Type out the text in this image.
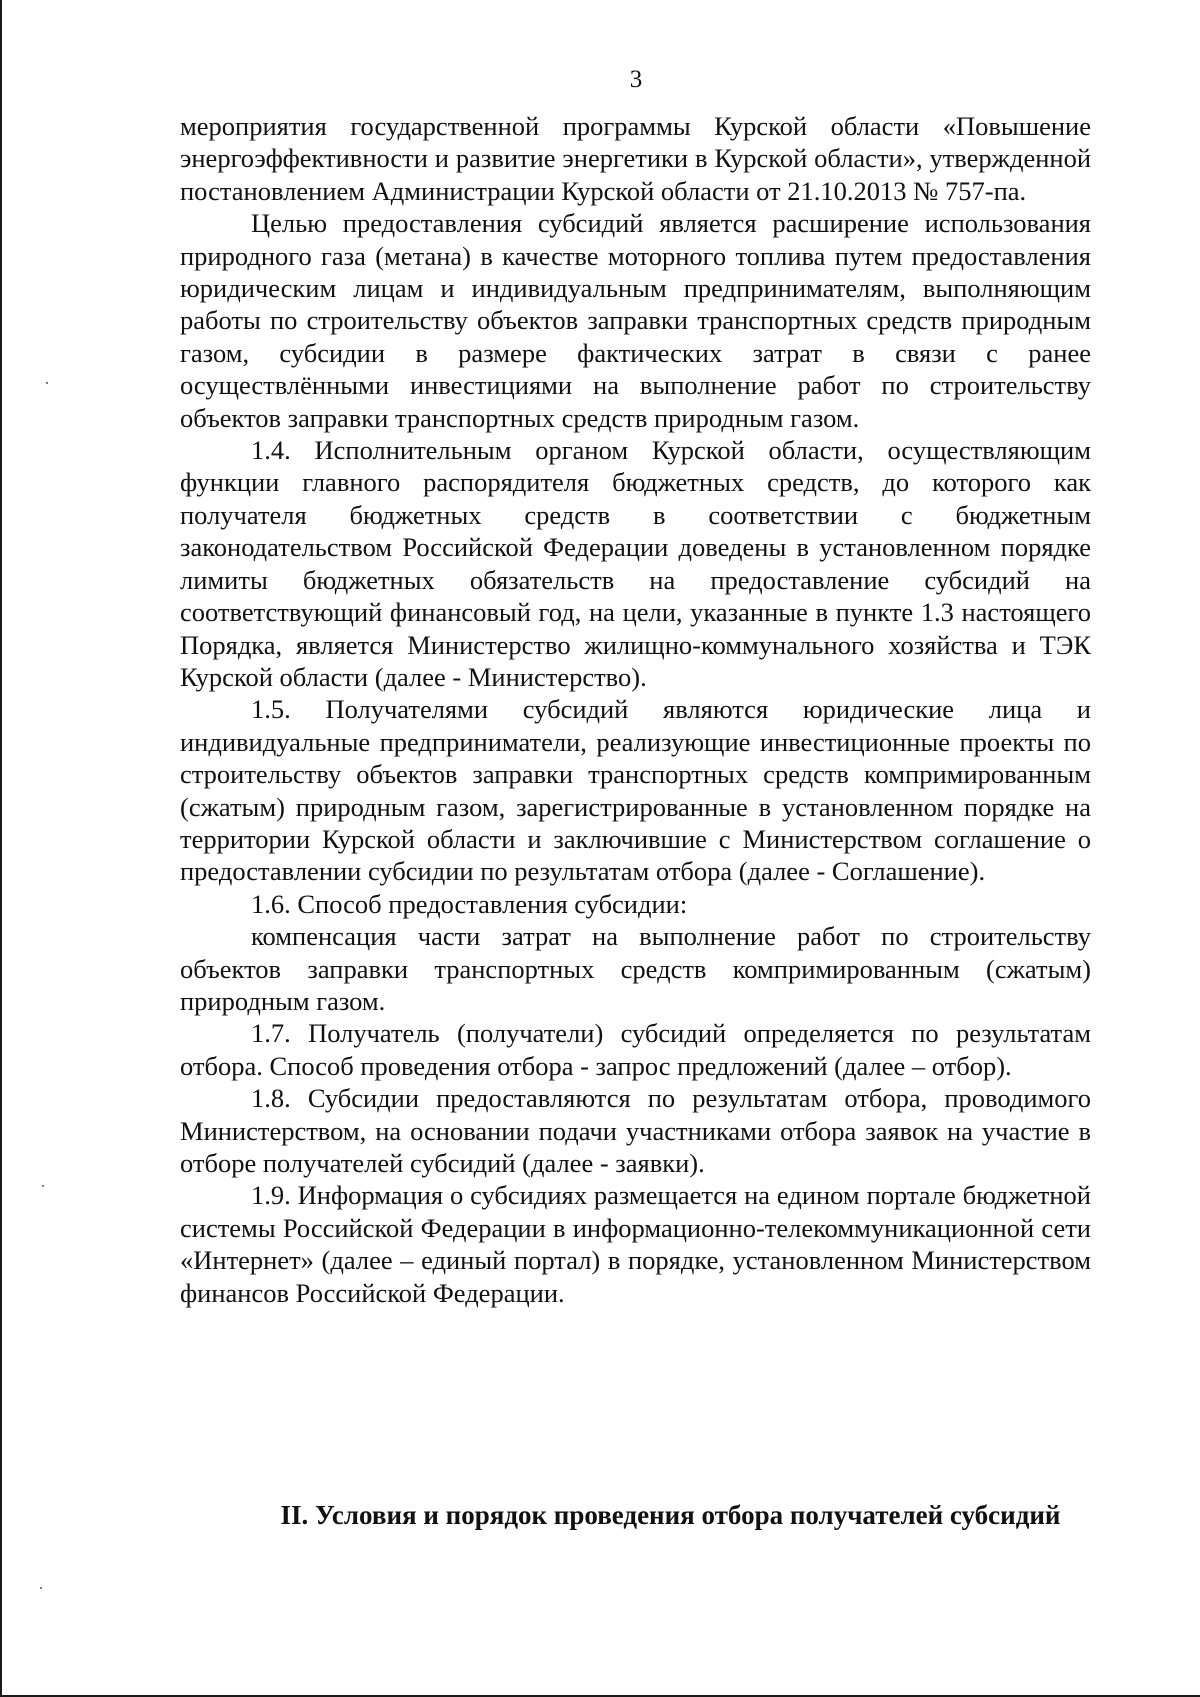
3

мероприятия государственной программы Курской области «Повышение энергоэффективности и развитие энергетики в Курской области», утвержденной постановлением Администрации Курской области от 21.10.2013 № 757-па.

Целью предоставления субсидий является расширение использования природного газа (метана) в качестве моторного топлива путем предоставления юридическим лицам и индивидуальным предпринимателям, выполняющим работы по строительству объектов заправки транспортных средств природным газом, субсидии в размере фактических затрат в связи с ранее осуществлёнными инвестициями на выполнение работ по строительству объектов заправки транспортных средств природным газом.

1.4. Исполнительным органом Курской области, осуществляющим функции главного распорядителя бюджетных средств, до которого как получателя бюджетных средств в соответствии с бюджетным законодательством Российской Федерации доведены в установленном порядке лимиты бюджетных обязательств на предоставление субсидий на соответствующий финансовый год, на цели, указанные в пункте 1.3 настоящего Порядка, является Министерство жилищно-коммунального хозяйства и ТЭК Курской области (далее - Министерство).

1.5. Получателями субсидий являются юридические лица и индивидуальные предприниматели, реализующие инвестиционные проекты по строительству объектов заправки транспортных средств компримированным (сжатым) природным газом, зарегистрированные в установленном порядке на территории Курской области и заключившие с Министерством соглашение о предоставлении субсидии по результатам отбора (далее - Соглашение).

1.6. Способ предоставления субсидии:

компенсация части затрат на выполнение работ по строительству объектов заправки транспортных средств компримированным (сжатым) природным газом.

1.7. Получатель (получатели) субсидий определяется по результатам отбора. Способ проведения отбора - запрос предложений (далее – отбор).

1.8. Субсидии предоставляются по результатам отбора, проводимого Министерством, на основании подачи участниками отбора заявок на участие в отборе получателей субсидий (далее - заявки).

1.9. Информация о субсидиях размещается на едином портале бюджетной системы Российской Федерации в информационно-телекоммуникационной сети «Интернет» (далее – единый портал) в порядке, установленном Министерством финансов Российской Федерации.

II. Условия и порядок проведения отбора получателей субсидий
